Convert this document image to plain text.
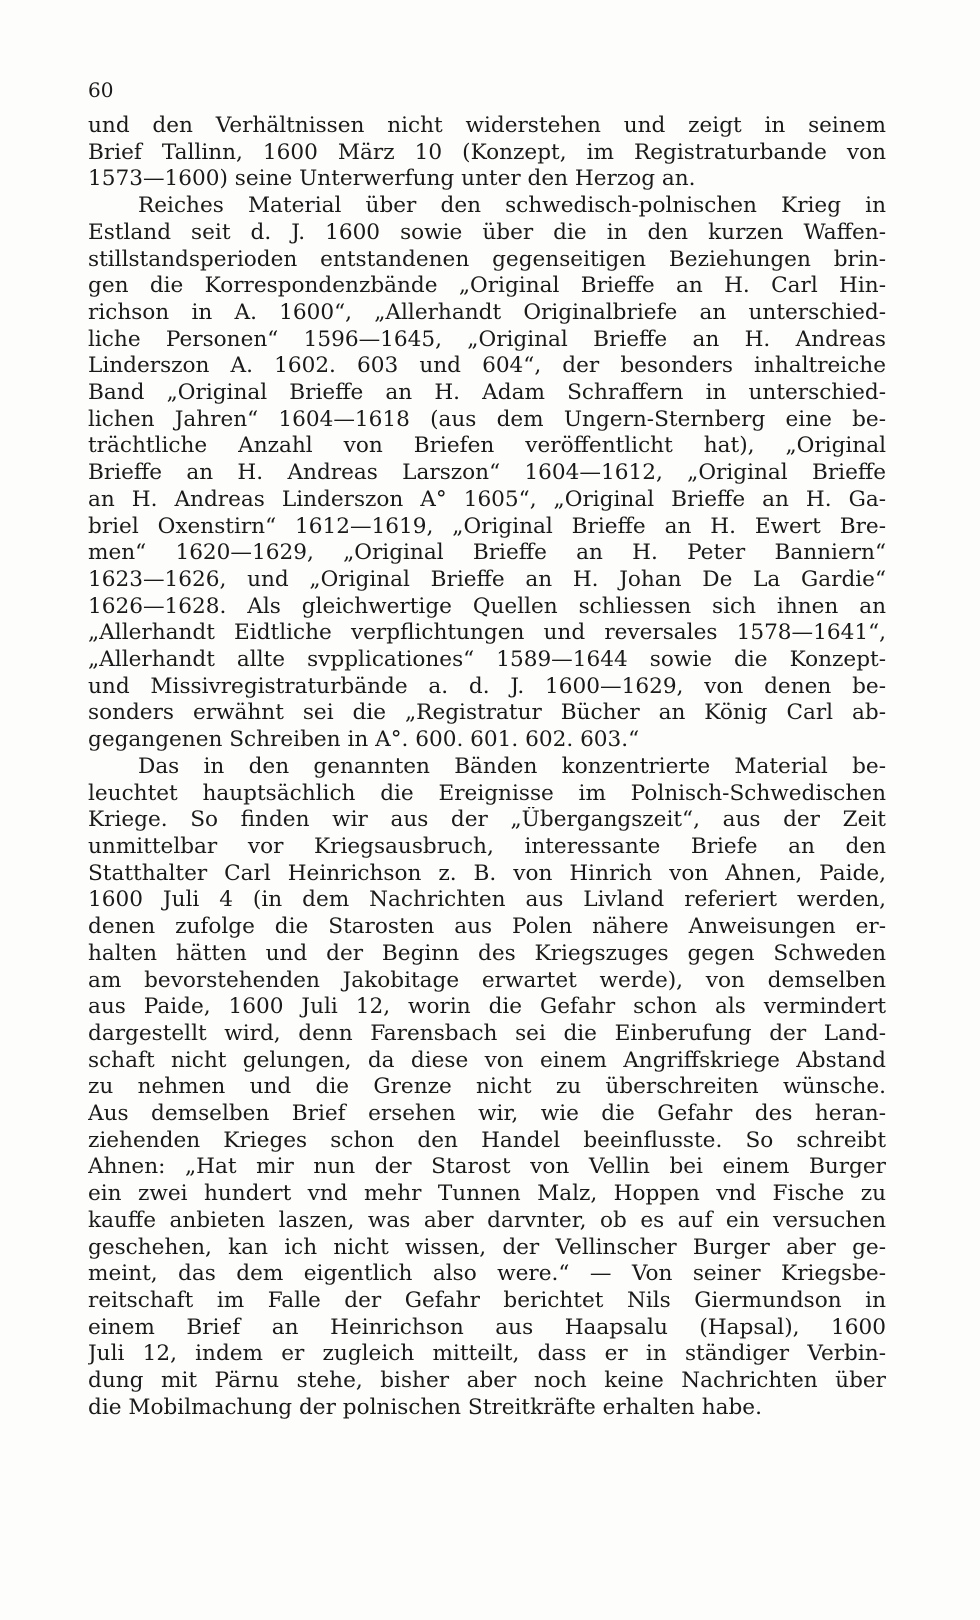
60
und den Verhältnissen nicht widerstehen und zeigt in seinem
Brief Tallinn, 1600 März 10 (Konzept, im Registraturbande von
1573—1600) seine Unterwerfung unter den Herzog an.
Reiches Material über den schwedisch-polnischen Krieg in
Estland seit d. J. 1600 sowie über die in den kurzen Waffen-
stillstandsperioden entstandenen gegenseitigen Beziehungen brin-
gen die Korrespondenzbände „Original Brieffe an H. Carl Hin-
richson in A. 1600“, „Allerhandt Originalbriefe an unterschied-
liche Personen“ 1596—1645, „Original Brieffe an H. Andreas
Linderszon A. 1602. 603 und 604“, der besonders inhaltreiche
Band „Original Brieffe an H. Adam Schraffern in unterschied-
lichen Jahren“ 1604—1618 (aus dem Ungern-Sternberg eine be-
trächtliche Anzahl von Briefen veröffentlicht hat), „Original
Brieffe an H. Andreas Larszon“ 1604—1612, „Original Brieffe
an H. Andreas Linderszon A° 1605“, „Original Brieffe an H. Ga-
briel Oxenstirn“ 1612—1619, „Original Brieffe an H. Ewert Bre-
men“ 1620—1629, „Original Brieffe an H. Peter Banniern“
1623—1626, und „Original Brieffe an H. Johan De La Gardie“
1626—1628. Als gleichwertige Quellen schliessen sich ihnen an
„Allerhandt Eidtliche verpflichtungen und reversales 1578—1641“,
„Allerhandt allte svpplicationes“ 1589—1644 sowie die Konzept-
und Missivregistraturbände a. d. J. 1600—1629, von denen be-
sonders erwähnt sei die „Registratur Bücher an König Carl ab-
gegangenen Schreiben in A°. 600. 601. 602. 603.“
Das in den genannten Bänden konzentrierte Material be-
leuchtet hauptsächlich die Ereignisse im Polnisch-Schwedischen
Kriege. So finden wir aus der „Übergangszeit“, aus der Zeit
unmittelbar vor Kriegsausbruch, interessante Briefe an den
Statthalter Carl Heinrichson z. B. von Hinrich von Ahnen, Paide,
1600 Juli 4 (in dem Nachrichten aus Livland referiert werden,
denen zufolge die Starosten aus Polen nähere Anweisungen er-
halten hätten und der Beginn des Kriegszuges gegen Schweden
am bevorstehenden Jakobitage erwartet werde), von demselben
aus Paide, 1600 Juli 12, worin die Gefahr schon als vermindert
dargestellt wird, denn Farensbach sei die Einberufung der Land-
schaft nicht gelungen, da diese von einem Angriffskriege Abstand
zu nehmen und die Grenze nicht zu überschreiten wünsche.
Aus demselben Brief ersehen wir, wie die Gefahr des heran-
ziehenden Krieges schon den Handel beeinflusste. So schreibt
Ahnen: „Hat mir nun der Starost von Vellin bei einem Burger
ein zwei hundert vnd mehr Tunnen Malz, Hoppen vnd Fische zu
kauffe anbieten laszen, was aber darvnter, ob es auf ein versuchen
geschehen, kan ich nicht wissen, der Vellinscher Burger aber ge-
meint, das dem eigentlich also were.“ — Von seiner Kriegsbe-
reitschaft im Falle der Gefahr berichtet Nils Giermundson in
einem Brief an Heinrichson aus Haapsalu (Hapsal), 1600
Juli 12, indem er zugleich mitteilt, dass er in ständiger Verbin-
dung mit Pärnu stehe, bisher aber noch keine Nachrichten über
die Mobilmachung der polnischen Streitkräfte erhalten habe.
